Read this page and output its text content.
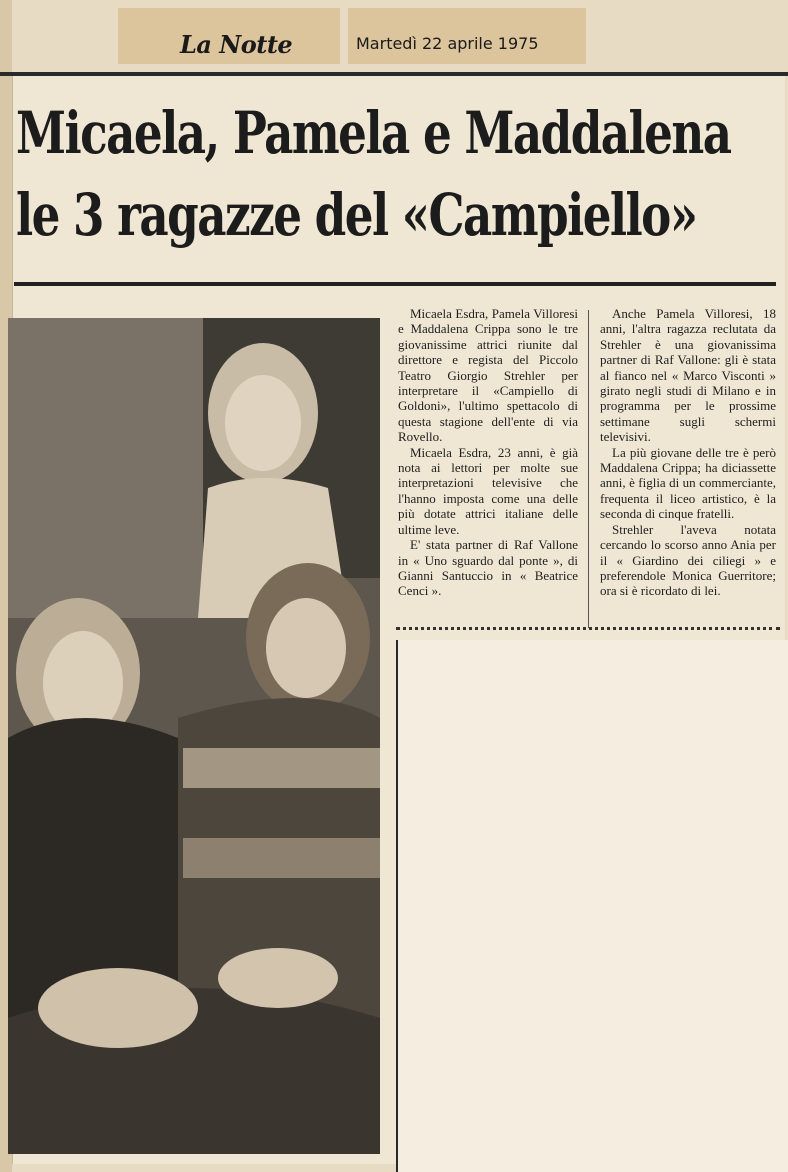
La Notte	Martedì 22 aprile 1975
Micaela, Pamela e Maddalena
le 3 ragazze del «Campiello»

Micaela Esdra, Pamela Villoresi e Maddalena Crippa sono le tre giovanissime attrici riunite dal direttore e regista del Piccolo Teatro Giorgio Strehler per interpretare il «Campiello di Goldoni», l'ultimo spettacolo di questa stagione dell'ente di via Rovello.

Micaela Esdra, 23 anni, è già nota ai lettori per molte sue interpretazioni televisive che l'hanno imposta come una delle più dotate attrici italiane delle ultime leve.

E' stata partner di Raf Vallone in « Uno sguardo dal ponte », di Gianni Santuccio in « Beatrice Cenci ».

Anche Pamela Villoresi, 18 anni, l'altra ragazza reclutata da Strehler è una giovanissima partner di Raf Vallone: gli è stata al fianco nel « Marco Visconti » girato negli studi di Milano e in programma per le prossime settimane sugli schermi televisivi.

La più giovane delle tre è però Maddalena Crippa; ha diciassette anni, è figlia di un commerciante, frequenta il liceo artistico, è la seconda di cinque fratelli.

Strehler l'aveva notata cercando lo scorso anno Ania per il « Giardino dei ciliegi » e preferendole Monica Guerritore; ora si è ricordato di lei.
